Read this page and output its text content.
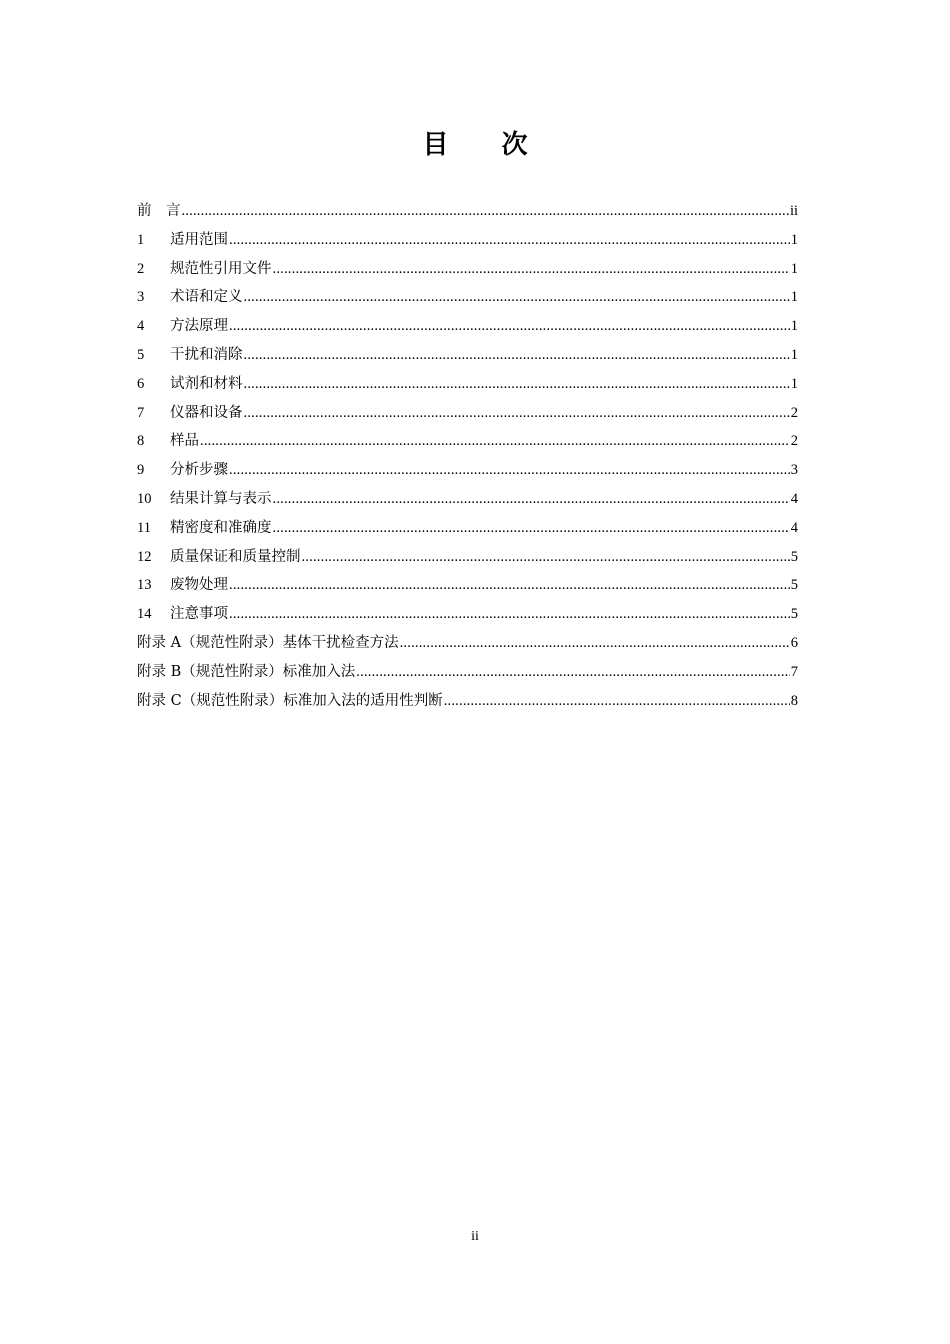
目 次
前　言 .....	ii
1	适用范围 .....	1
2	规范性引用文件 .....	1
3	术语和定义 .....	1
4	方法原理 .....	1
5	干扰和消除 .....	1
6	试剂和材料 .....	1
7	仪器和设备 .....	2
8	样品 .....	2
9	分析步骤 .....	3
10	结果计算与表示 .....	4
11	精密度和准确度 .....	4
12	质量保证和质量控制 .....	5
13	废物处理 .....	5
14	注意事项 .....	5
附录 A（规范性附录）基体干扰检查方法 .....	6
附录 B（规范性附录）标准加入法 .....	7
附录 C（规范性附录）标准加入法的适用性判断 .....	8
ii
